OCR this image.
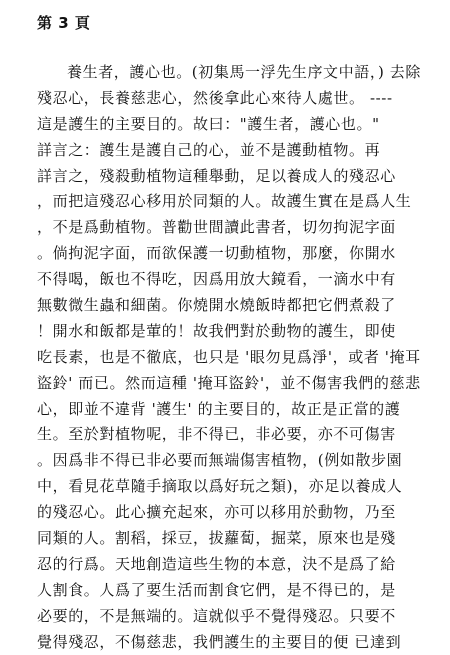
第 3 頁
養生者，護心也。(初集馬一浮先生序文中語，) 去除
殘忍心，長養慈悲心，然後拿此心來待人處世。 ----
這是護生的主要目的。故曰："護生者，護心也。"
詳言之：護生是護自己的心，並不是護動植物。再
詳言之，殘殺動植物這種舉動，足以養成人的殘忍心
，而把這殘忍心移用於同類的人。故護生實在是爲人生
，不是爲動植物。普勸世間讀此書者，切勿拘泥字面
。倘拘泥字面，而欲保護一切動植物，那麼，你開水
不得喝，飯也不得吃，因爲用放大鏡看，一滴水中有
無數微生蟲和細菌。你燒開水燒飯時都把它們煮殺了
！開水和飯都是葷的！故我們對於動物的護生，即使
吃長素，也是不徹底，也只是 '眼勿見爲淨'，或者 '掩耳
盜鈴' 而已。然而這種 '掩耳盜鈴'，並不傷害我們的慈悲
心，即並不違背 '護生' 的主要目的，故正是正當的護
生。至於對植物呢，非不得已，非必要，亦不可傷害
。因爲非不得已非必要而無端傷害植物，(例如散步園
中，看見花草隨手摘取以爲好玩之類)，亦足以養成人
的殘忍心。此心擴充起來，亦可以移用於動物，乃至
同類的人。割稻，採豆，拔蘿蔔，掘菜，原來也是殘
忍的行爲。天地創造這些生物的本意，決不是爲了給
人割食。人爲了要生活而割食它們，是不得已的，是
必要的，不是無端的。這就似乎不覺得殘忍。只要不
覺得殘忍，不傷慈悲，我們護生的主要目的便 已達到
